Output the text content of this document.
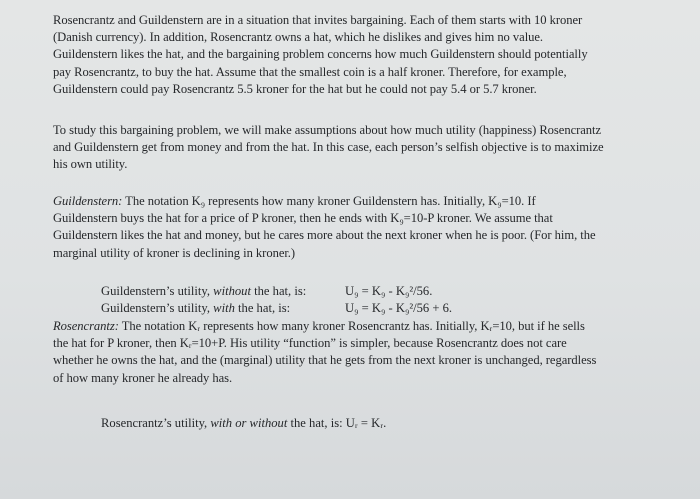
Rosencrantz and Guildenstern are in a situation that invites bargaining. Each of them starts with 10 kroner
(Danish currency). In addition, Rosencrantz owns a hat, which he dislikes and gives him no value.
Guildenstern likes the hat, and the bargaining problem concerns how much Guildenstern should potentially
pay Rosencrantz, to buy the hat. Assume that the smallest coin is a half kroner. Therefore, for example,
Guildenstern could pay Rosencrantz 5.5 kroner for the hat but he could not pay 5.4 or 5.7 kroner.
To study this bargaining problem, we will make assumptions about how much utility (happiness) Rosencrantz
and Guildenstern get from money and from the hat. In this case, each person’s selfish objective is to maximize
his own utility.
Guildenstern: The notation K₉ represents how many kroner Guildenstern has. Initially, K₉=10. If
Guildenstern buys the hat for a price of P kroner, then he ends with K₉=10-P kroner. We assume that
Guildenstern likes the hat and money, but he cares more about the next kroner when he is poor. (For him, the
marginal utility of kroner is declining in kroner.)
Guildenstern’s utility, without the hat, is:	U₉ = K₉ - K₉²/56.
Guildenstern’s utility, with the hat, is:	U₉ = K₉ - K₉²/56 + 6.
Rosencrantz: The notation Kᵣ represents how many kroner Rosencrantz has. Initially, Kᵣ=10, but if he sells
the hat for P kroner, then Kᵣ=10+P. His utility “function” is simpler, because Rosencrantz does not care
whether he owns the hat, and the (marginal) utility that he gets from the next kroner is unchanged, regardless
of how many kroner he already has.
Rosencrantz’s utility, with or without the hat, is: Uᵣ = Kᵣ.
